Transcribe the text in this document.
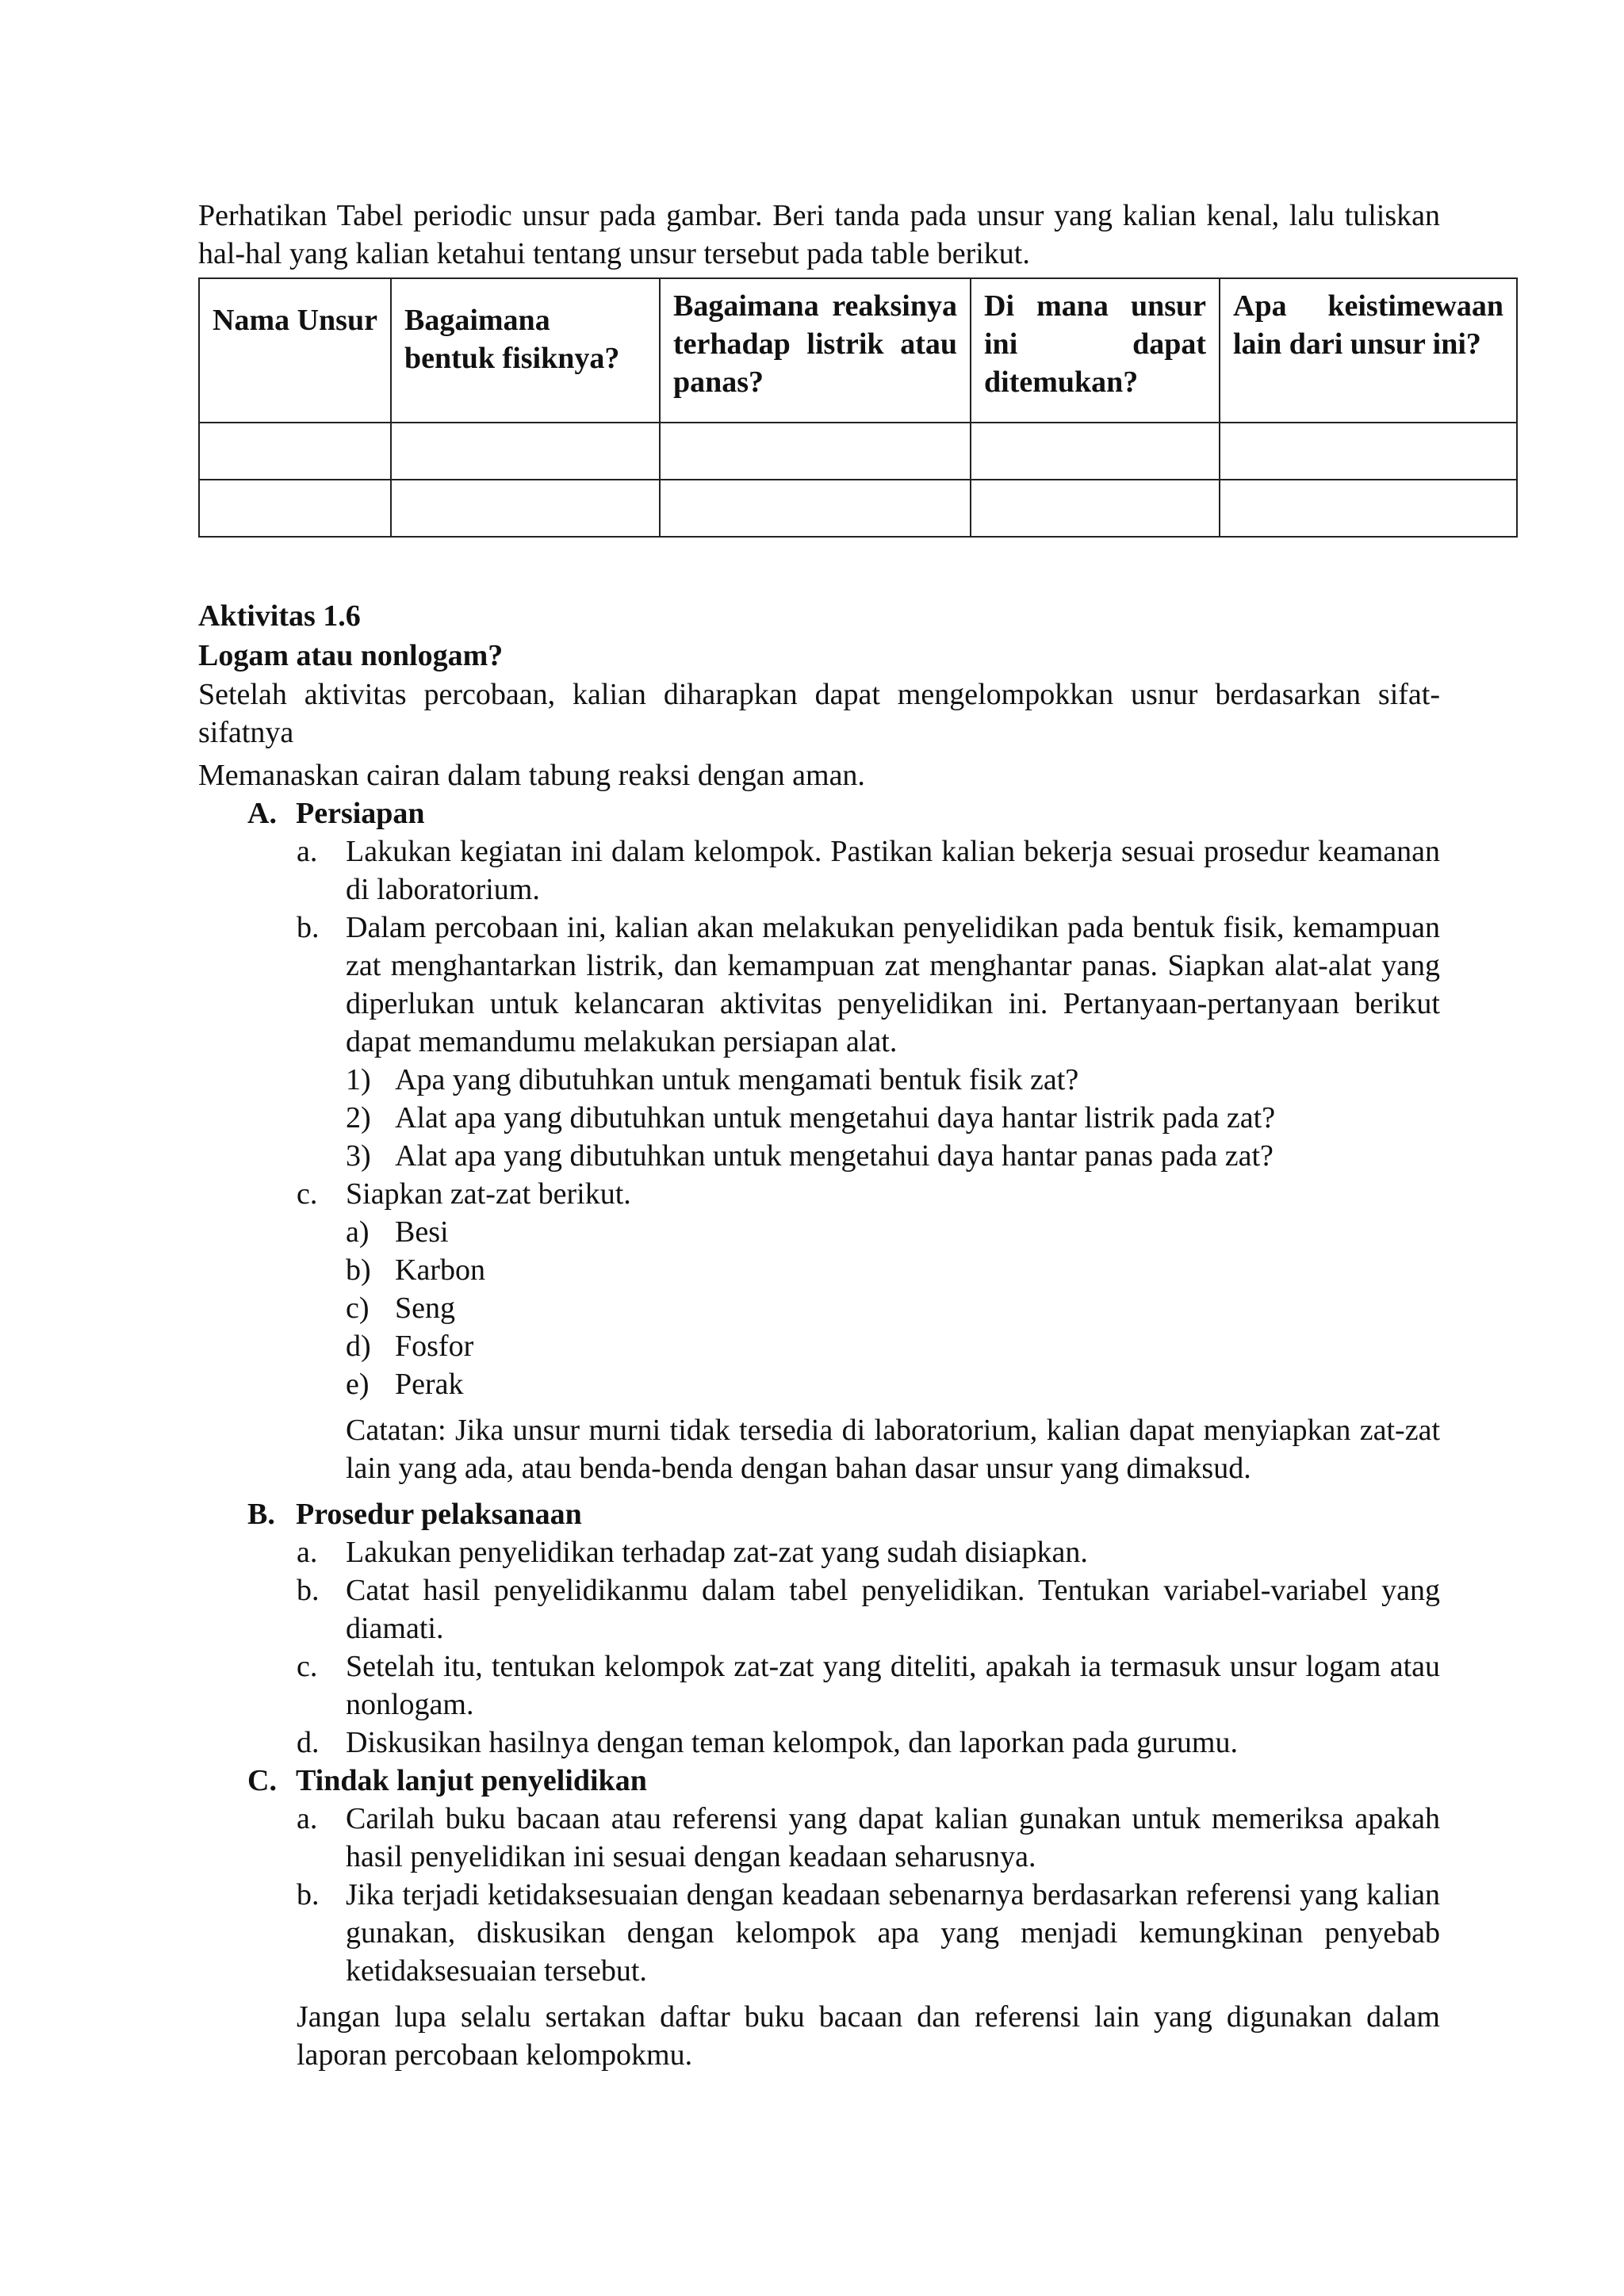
Perhatikan Tabel periodic unsur pada gambar. Beri tanda pada unsur yang kalian kenal, lalu tuliskan hal-hal yang kalian ketahui tentang unsur tersebut pada table berikut.

Nama Unsur	Bagaimana bentuk fisiknya?	Bagaimana reaksinya terhadap listrik atau panas?	Di mana unsur ini dapat ditemukan?	Apa keistimewaan lain dari unsur ini?

Aktivitas 1.6

Logam atau nonlogam?

Setelah aktivitas percobaan, kalian diharapkan dapat mengelompokkan usnur berdasarkan sifat-sifatnya

Memanaskan cairan dalam tabung reaksi dengan aman.

A. Persiapan
a. Lakukan kegiatan ini dalam kelompok. Pastikan kalian bekerja sesuai prosedur keamanan di laboratorium.
b. Dalam percobaan ini, kalian akan melakukan penyelidikan pada bentuk fisik, kemampuan zat menghantarkan listrik, dan kemampuan zat menghantar panas. Siapkan alat-alat yang diperlukan untuk kelancaran aktivitas penyelidikan ini. Pertanyaan-pertanyaan berikut dapat memandumu melakukan persiapan alat.
1) Apa yang dibutuhkan untuk mengamati bentuk fisik zat?
2) Alat apa yang dibutuhkan untuk mengetahui daya hantar listrik pada zat?
3) Alat apa yang dibutuhkan untuk mengetahui daya hantar panas pada zat?
c. Siapkan zat-zat berikut.
a) Besi
b) Karbon
c) Seng
d) Fosfor
e) Perak

Catatan: Jika unsur murni tidak tersedia di laboratorium, kalian dapat menyiapkan zat-zat lain yang ada, atau benda-benda dengan bahan dasar unsur yang dimaksud.

B. Prosedur pelaksanaan
a. Lakukan penyelidikan terhadap zat-zat yang sudah disiapkan.
b. Catat hasil penyelidikanmu dalam tabel penyelidikan. Tentukan variabel-variabel yang diamati.
c. Setelah itu, tentukan kelompok zat-zat yang diteliti, apakah ia termasuk unsur logam atau nonlogam.
d. Diskusikan hasilnya dengan teman kelompok, dan laporkan pada gurumu.
C. Tindak lanjut penyelidikan
a. Carilah buku bacaan atau referensi yang dapat kalian gunakan untuk memeriksa apakah hasil penyelidikan ini sesuai dengan keadaan seharusnya.
b. Jika terjadi ketidaksesuaian dengan keadaan sebenarnya berdasarkan referensi yang kalian gunakan, diskusikan dengan kelompok apa yang menjadi kemungkinan penyebab ketidaksesuaian tersebut.

Jangan lupa selalu sertakan daftar buku bacaan dan referensi lain yang digunakan dalam laporan percobaan kelompokmu.
